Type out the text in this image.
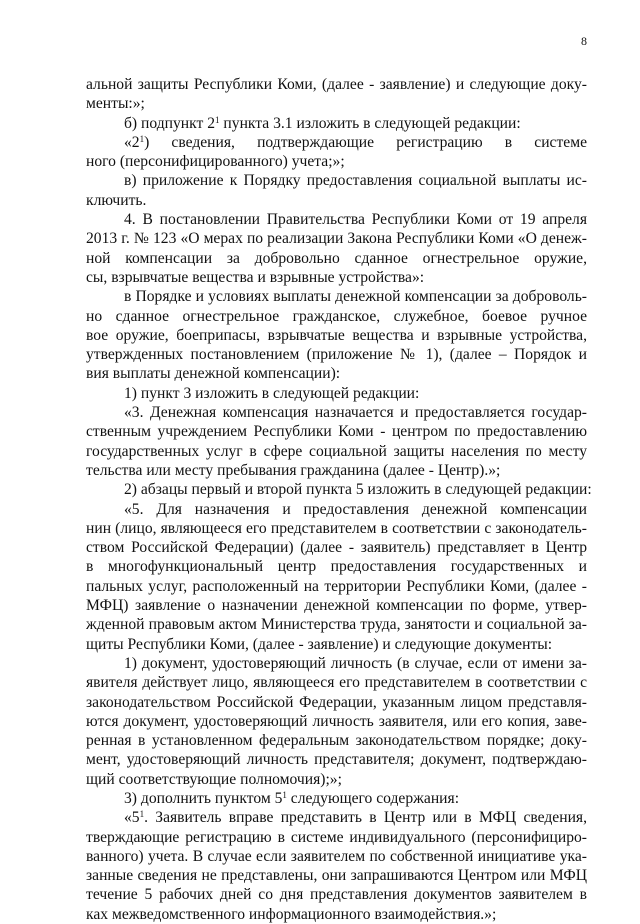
8
альной защиты Республики Коми, (далее - заявление) и следующие доку-
менты:»;
б) подпункт $2^1$ пункта 3.1 изложить в следующей редакции:
«$2^1$) сведения, подтверждающие регистрацию в системе
ного (персонифицированного) учета;»;
в) приложение к Порядку предоставления социальной выплаты ис-
ключить.
4. В постановлении Правительства Республики Коми от 19 апреля
2013 г. № 123 «О мерах по реализации Закона Республики Коми «О денеж-
ной компенсации за добровольно сданное огнестрельное оружие,
сы, взрывчатые вещества и взрывные устройства»:
в Порядке и условиях выплаты денежной компенсации за доброволь-
но сданное огнестрельное гражданское, служебное, боевое ручное
вое оружие, боеприпасы, взрывчатые вещества и взрывные устройства,
утвержденных постановлением (приложение № 1), (далее – Порядок и
вия выплаты денежной компенсации):
1) пункт 3 изложить в следующей редакции:
«3. Денежная компенсация назначается и предоставляется государ-
ственным учреждением Республики Коми - центром по предоставлению
государственных услуг в сфере социальной защиты населения по месту
тельства или месту пребывания гражданина (далее - Центр).»;
2) абзацы первый и второй пункта 5 изложить в следующей редакции:
«5. Для назначения и предоставления денежной компенсации
нин (лицо, являющееся его представителем в соответствии с законодатель-
ством Российской Федерации) (далее - заявитель) представляет в Центр
в многофункциональный центр предоставления государственных и
пальных услуг, расположенный на территории Республики Коми, (далее -
МФЦ) заявление о назначении денежной компенсации по форме, утвер-
жденной правовым актом Министерства труда, занятости и социальной за-
щиты Республики Коми, (далее - заявление) и следующие документы:
1) документ, удостоверяющий личность (в случае, если от имени за-
явителя действует лицо, являющееся его представителем в соответствии с
законодательством Российской Федерации, указанным лицом представля-
ются документ, удостоверяющий личность заявителя, или его копия, заве-
ренная в установленном федеральным законодательством порядке; доку-
мент, удостоверяющий личность представителя; документ, подтверждаю-
щий соответствующие полномочия);»;
3) дополнить пунктом $5^1$ следующего содержания:
«$5^1$. Заявитель вправе представить в Центр или в МФЦ сведения,
тверждающие регистрацию в системе индивидуального (персонифициро-
ванного) учета. В случае если заявителем по собственной инициативе ука-
занные сведения не представлены, они запрашиваются Центром или МФЦ
течение 5 рабочих дней со дня представления документов заявителем в
ках межведомственного информационного взаимодействия.»;
